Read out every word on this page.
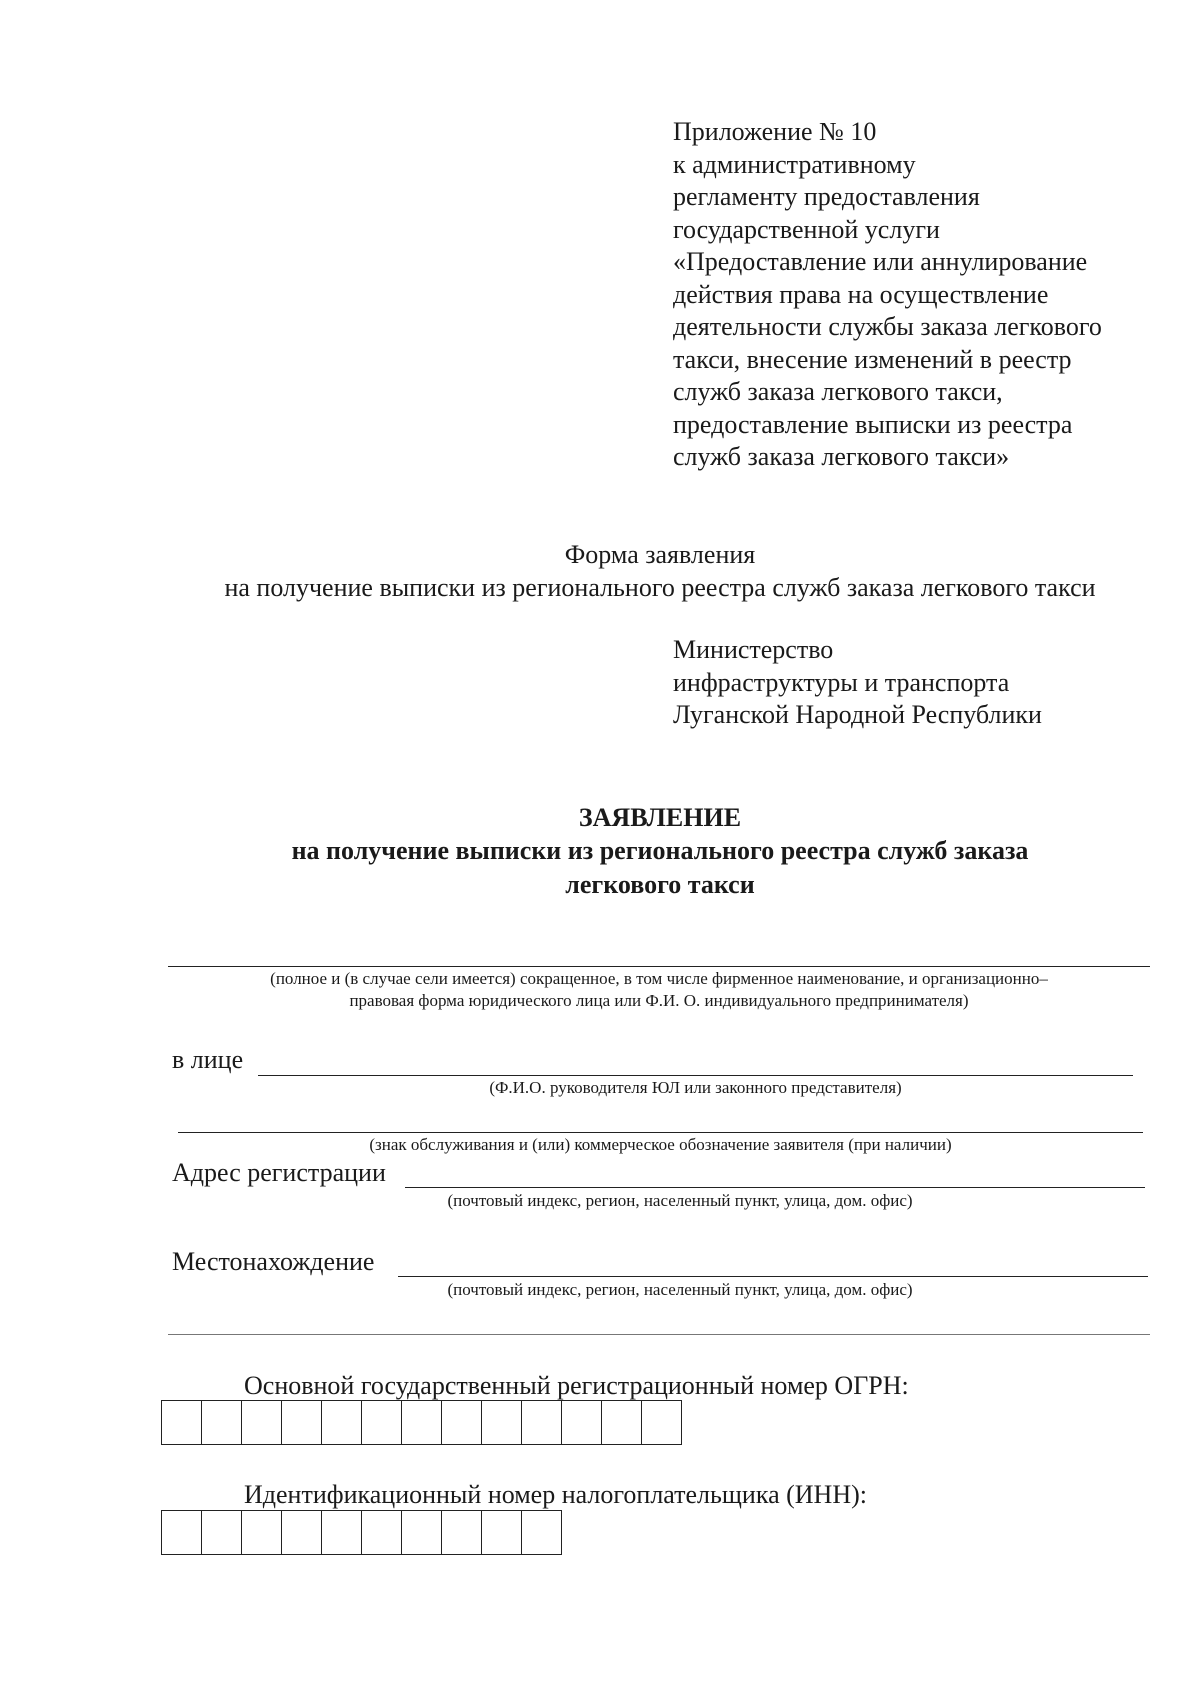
Приложение № 10
к административному
регламенту предоставления
государственной услуги
«Предоставление или аннулирование
действия права на осуществление
деятельности службы заказа легкового
такси, внесение изменений в реестр
служб заказа легкового такси,
предоставление выписки из реестра
служб заказа легкового такси»
Форма заявления
на получение выписки из регионального реестра служб заказа легкового такси
Министерство
инфраструктуры и транспорта
Луганской Народной Республики
ЗАЯВЛЕНИЕ
на получение выписки из регионального реестра служб заказа
легкового такси
(полное и (в случае сели имеется) сокращенное, в том числе фирменное наименование, и организационно–
правовая форма юридического лица или Ф.И. О. индивидуального предпринимателя)
в лице
(Ф.И.О. руководителя ЮЛ или законного представителя)
(знак обслуживания и (или) коммерческое обозначение заявителя (при наличии)
Адрес регистрации
(почтовый индекс, регион, населенный пункт, улица, дом. офис)
Местонахождение
(почтовый индекс, регион, населенный пункт, улица, дом. офис)
Основной государственный регистрационный номер ОГРН:
Идентификационный номер налогоплательщика (ИНН):
